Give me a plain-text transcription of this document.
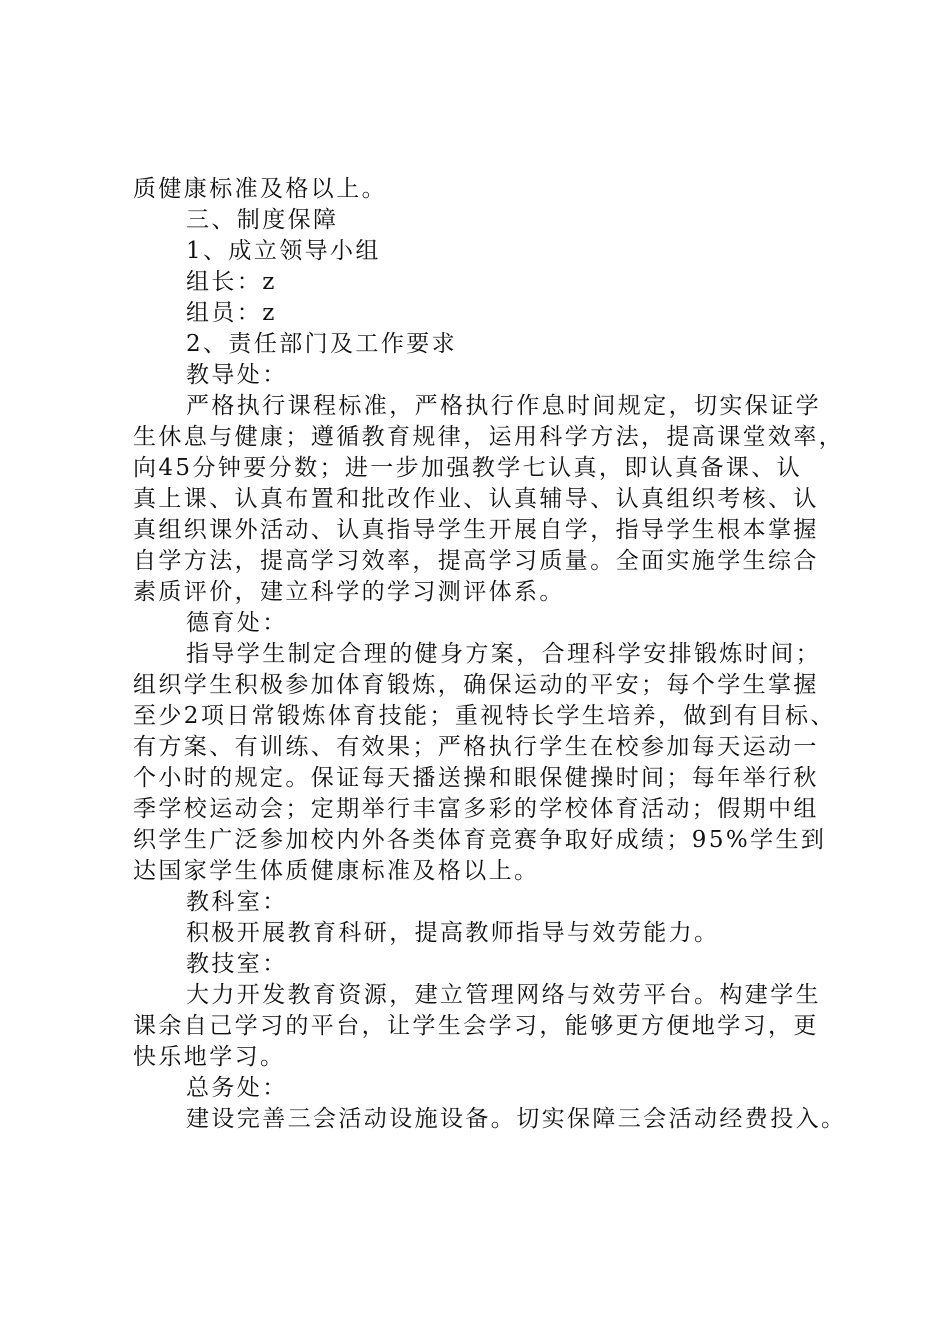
质健康标准及格以上。
三、制度保障
1、成立领导小组
组长：z
组员：z
2、责任部门及工作要求
教导处：
严格执行课程标准，严格执行作息时间规定，切实保证学
生休息与健康；遵循教育规律，运用科学方法，提高课堂效率，
向45分钟要分数；进一步加强教学七认真，即认真备课、认
真上课、认真布置和批改作业、认真辅导、认真组织考核、认
真组织课外活动、认真指导学生开展自学，指导学生根本掌握
自学方法，提高学习效率，提高学习质量。全面实施学生综合
素质评价，建立科学的学习测评体系。
德育处：
指导学生制定合理的健身方案，合理科学安排锻炼时间；
组织学生积极参加体育锻炼，确保运动的平安；每个学生掌握
至少2项日常锻炼体育技能；重视特长学生培养，做到有目标、
有方案、有训练、有效果；严格执行学生在校参加每天运动一
个小时的规定。保证每天播送操和眼保健操时间；每年举行秋
季学校运动会；定期举行丰富多彩的学校体育活动；假期中组
织学生广泛参加校内外各类体育竞赛争取好成绩；95%学生到
达国家学生体质健康标准及格以上。
教科室：
积极开展教育科研，提高教师指导与效劳能力。
教技室：
大力开发教育资源，建立管理网络与效劳平台。构建学生
课余自己学习的平台，让学生会学习，能够更方便地学习，更
快乐地学习。
总务处：
建设完善三会活动设施设备。切实保障三会活动经费投入。
